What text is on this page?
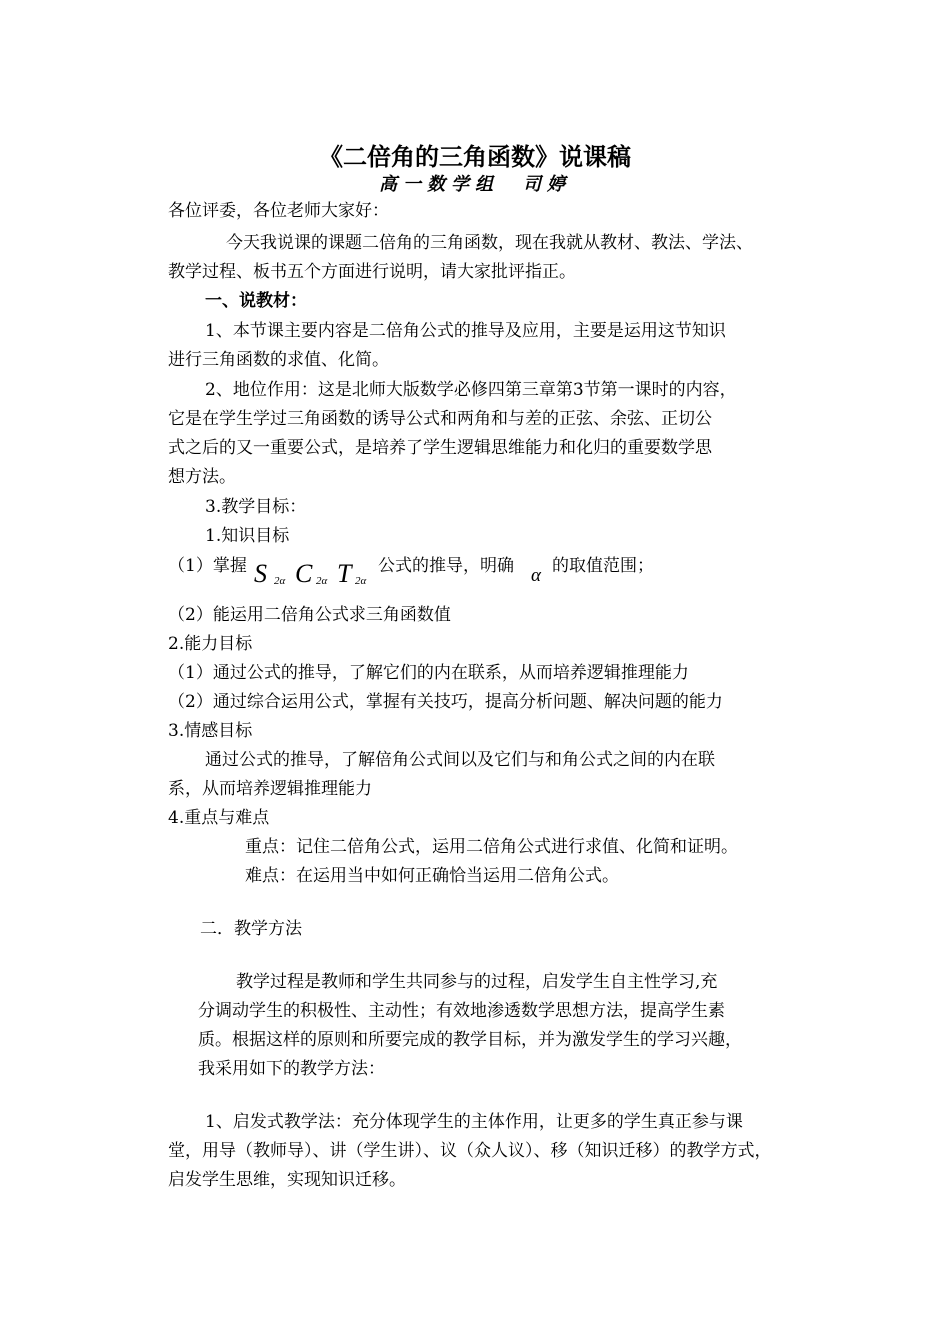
《二倍角的三角函数》说课稿
高一数学组　司婷
各位评委，各位老师大家好：
今天我说课的课题二倍角的三角函数，现在我就从教材、教法、学法、
教学过程、板书五个方面进行说明，请大家批评指正。
一、说教材：
1、本节课主要内容是二倍角公式的推导及应用，主要是运用这节知识
进行三角函数的求值、化简。
2、地位作用：这是北师大版数学必修四第三章第3节第一课时的内容，
它是在学生学过三角函数的诱导公式和两角和与差的正弦、余弦、正切公
式之后的又一重要公式，是培养了学生逻辑思维能力和化归的重要数学思
想方法。
3.教学目标：
1.知识目标
（1）掌握 S 2α C 2α T 2α
公式的推导，明确 α 的取值范围；
（2）能运用二倍角公式求三角函数值
2.能力目标
（1）通过公式的推导，了解它们的内在联系，从而培养逻辑推理能力
（2）通过综合运用公式，掌握有关技巧，提高分析问题、解决问题的能力
3.情感目标
通过公式的推导，了解倍角公式间以及它们与和角公式之间的内在联
系，从而培养逻辑推理能力
4.重点与难点
重点：记住二倍角公式，运用二倍角公式进行求值、化简和证明。
难点：在运用当中如何正确恰当运用二倍角公式。
二．教学方法
教学过程是教师和学生共同参与的过程，启发学生自主性学习,充
分调动学生的积极性、主动性；有效地渗透数学思想方法，提高学生素
质。根据这样的原则和所要完成的教学目标，并为激发学生的学习兴趣，
我采用如下的教学方法：
1、启发式教学法：充分体现学生的主体作用，让更多的学生真正参与课
堂，用导（教师导）、讲（学生讲）、议（众人议）、移（知识迁移）的教学方式，
启发学生思维，实现知识迁移。
